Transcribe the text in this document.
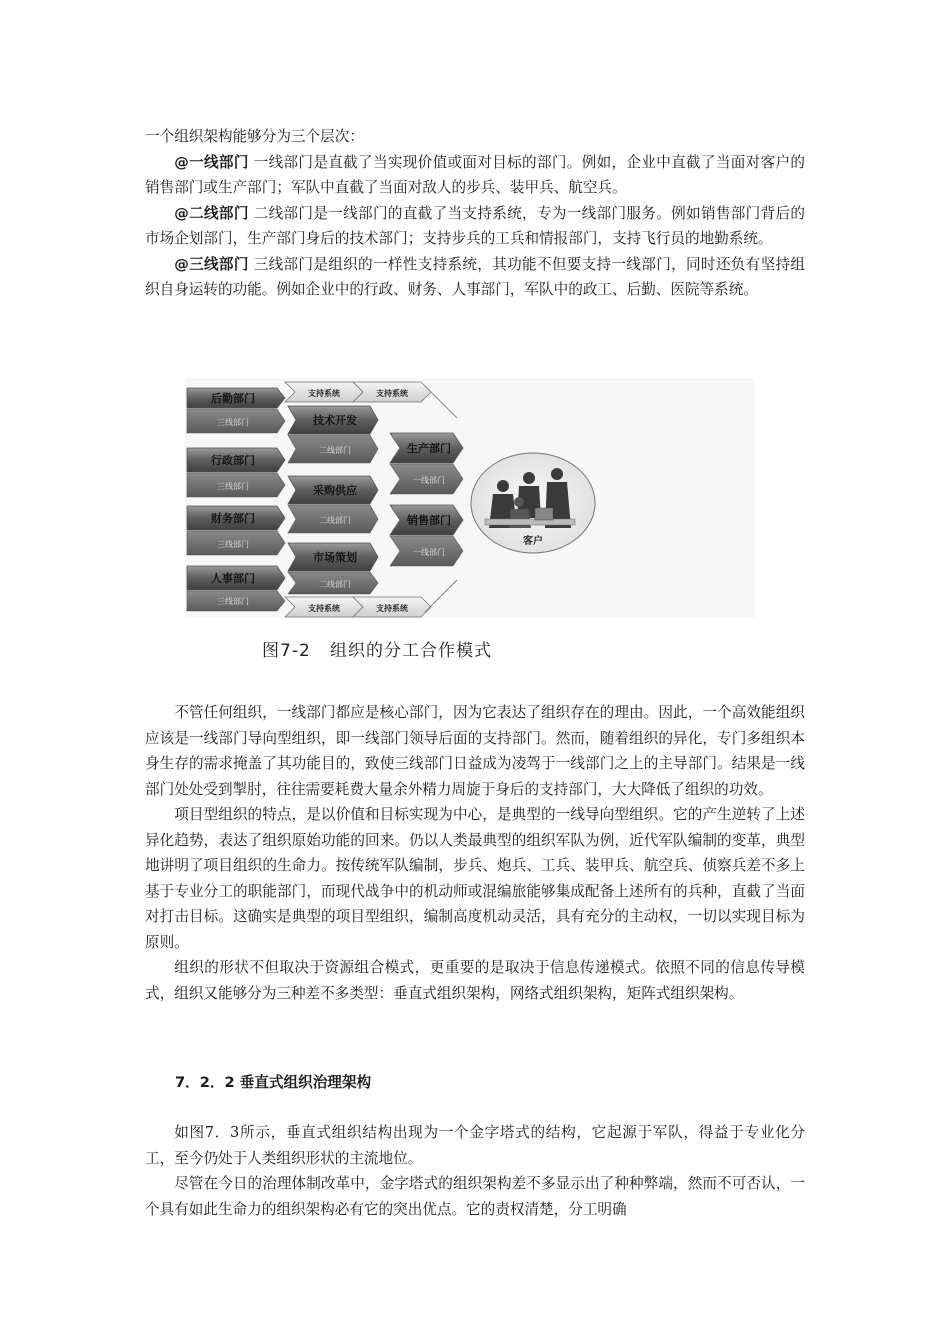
一个组织架构能够分为三个层次：

@一线部门 一线部门是直截了当实现价值或面对目标的部门。例如，企业中直截了当面对客户的销售部门或生产部门；军队中直截了当面对敌人的步兵、装甲兵、航空兵。

@二线部门 二线部门是一线部门的直截了当支持系统，专为一线部门服务。例如销售部门背后的市场企划部门，生产部门身后的技术部门；支持步兵的工兵和情报部门，支持飞行员的地勤系统。

@三线部门 三线部门是组织的一样性支持系统，其功能不但要支持一线部门，同时还负有坚持组织自身运转的功能。例如企业中的行政、财务、人事部门，军队中的政工、后勤、医院等系统。

后勤部门
三线部门
行政部门
三线部门
财务部门
三线部门
人事部门
三线部门
支持系统	支持系统
支持系统	支持系统
技术开发
二线部门
采购供应
二线部门
市场策划
二线部门
生产部门
一线部门
销售部门
一线部门
客户
图7-2   组织的分工合作模式

不管任何组织，一线部门都应是核心部门，因为它表达了组织存在的理由。因此，一个高效能组织应该是一线部门导向型组织，即一线部门领导后面的支持部门。然而，随着组织的异化，专门多组织本身生存的需求掩盖了其功能目的，致使三线部门日益成为凌驾于一线部门之上的主导部门。结果是一线部门处处受到掣肘，往往需要耗费大量余外精力周旋于身后的支持部门，大大降低了组织的功效。

项目型组织的特点，是以价值和目标实现为中心，是典型的一线导向型组织。它的产生逆转了上述异化趋势，表达了组织原始功能的回来。仍以人类最典型的组织军队为例，近代军队编制的变革，典型地讲明了项目组织的生命力。按传统军队编制，步兵、炮兵、工兵、装甲兵、航空兵、侦察兵差不多上基于专业分工的职能部门，而现代战争中的机动师或混编旅能够集成配备上述所有的兵种，直截了当面对打击目标。这确实是典型的项目型组织，编制高度机动灵活，具有充分的主动权，一切以实现目标为原则。

组织的形状不但取决于资源组合模式，更重要的是取决于信息传递模式。依照不同的信息传导模式，组织又能够分为三种差不多类型：垂直式组织架构，网络式组织架构，矩阵式组织架构。

7．2．2 垂直式组织治理架构

如图7．3所示，垂直式组织结构出现为一个金字塔式的结构，它起源于军队，得益于专业化分工，至今仍处于人类组织形状的主流地位。

尽管在今日的治理体制改革中，金字塔式的组织架构差不多显示出了种种弊端，然而不可否认，一个具有如此生命力的组织架构必有它的突出优点。它的责权清楚，分工明确
